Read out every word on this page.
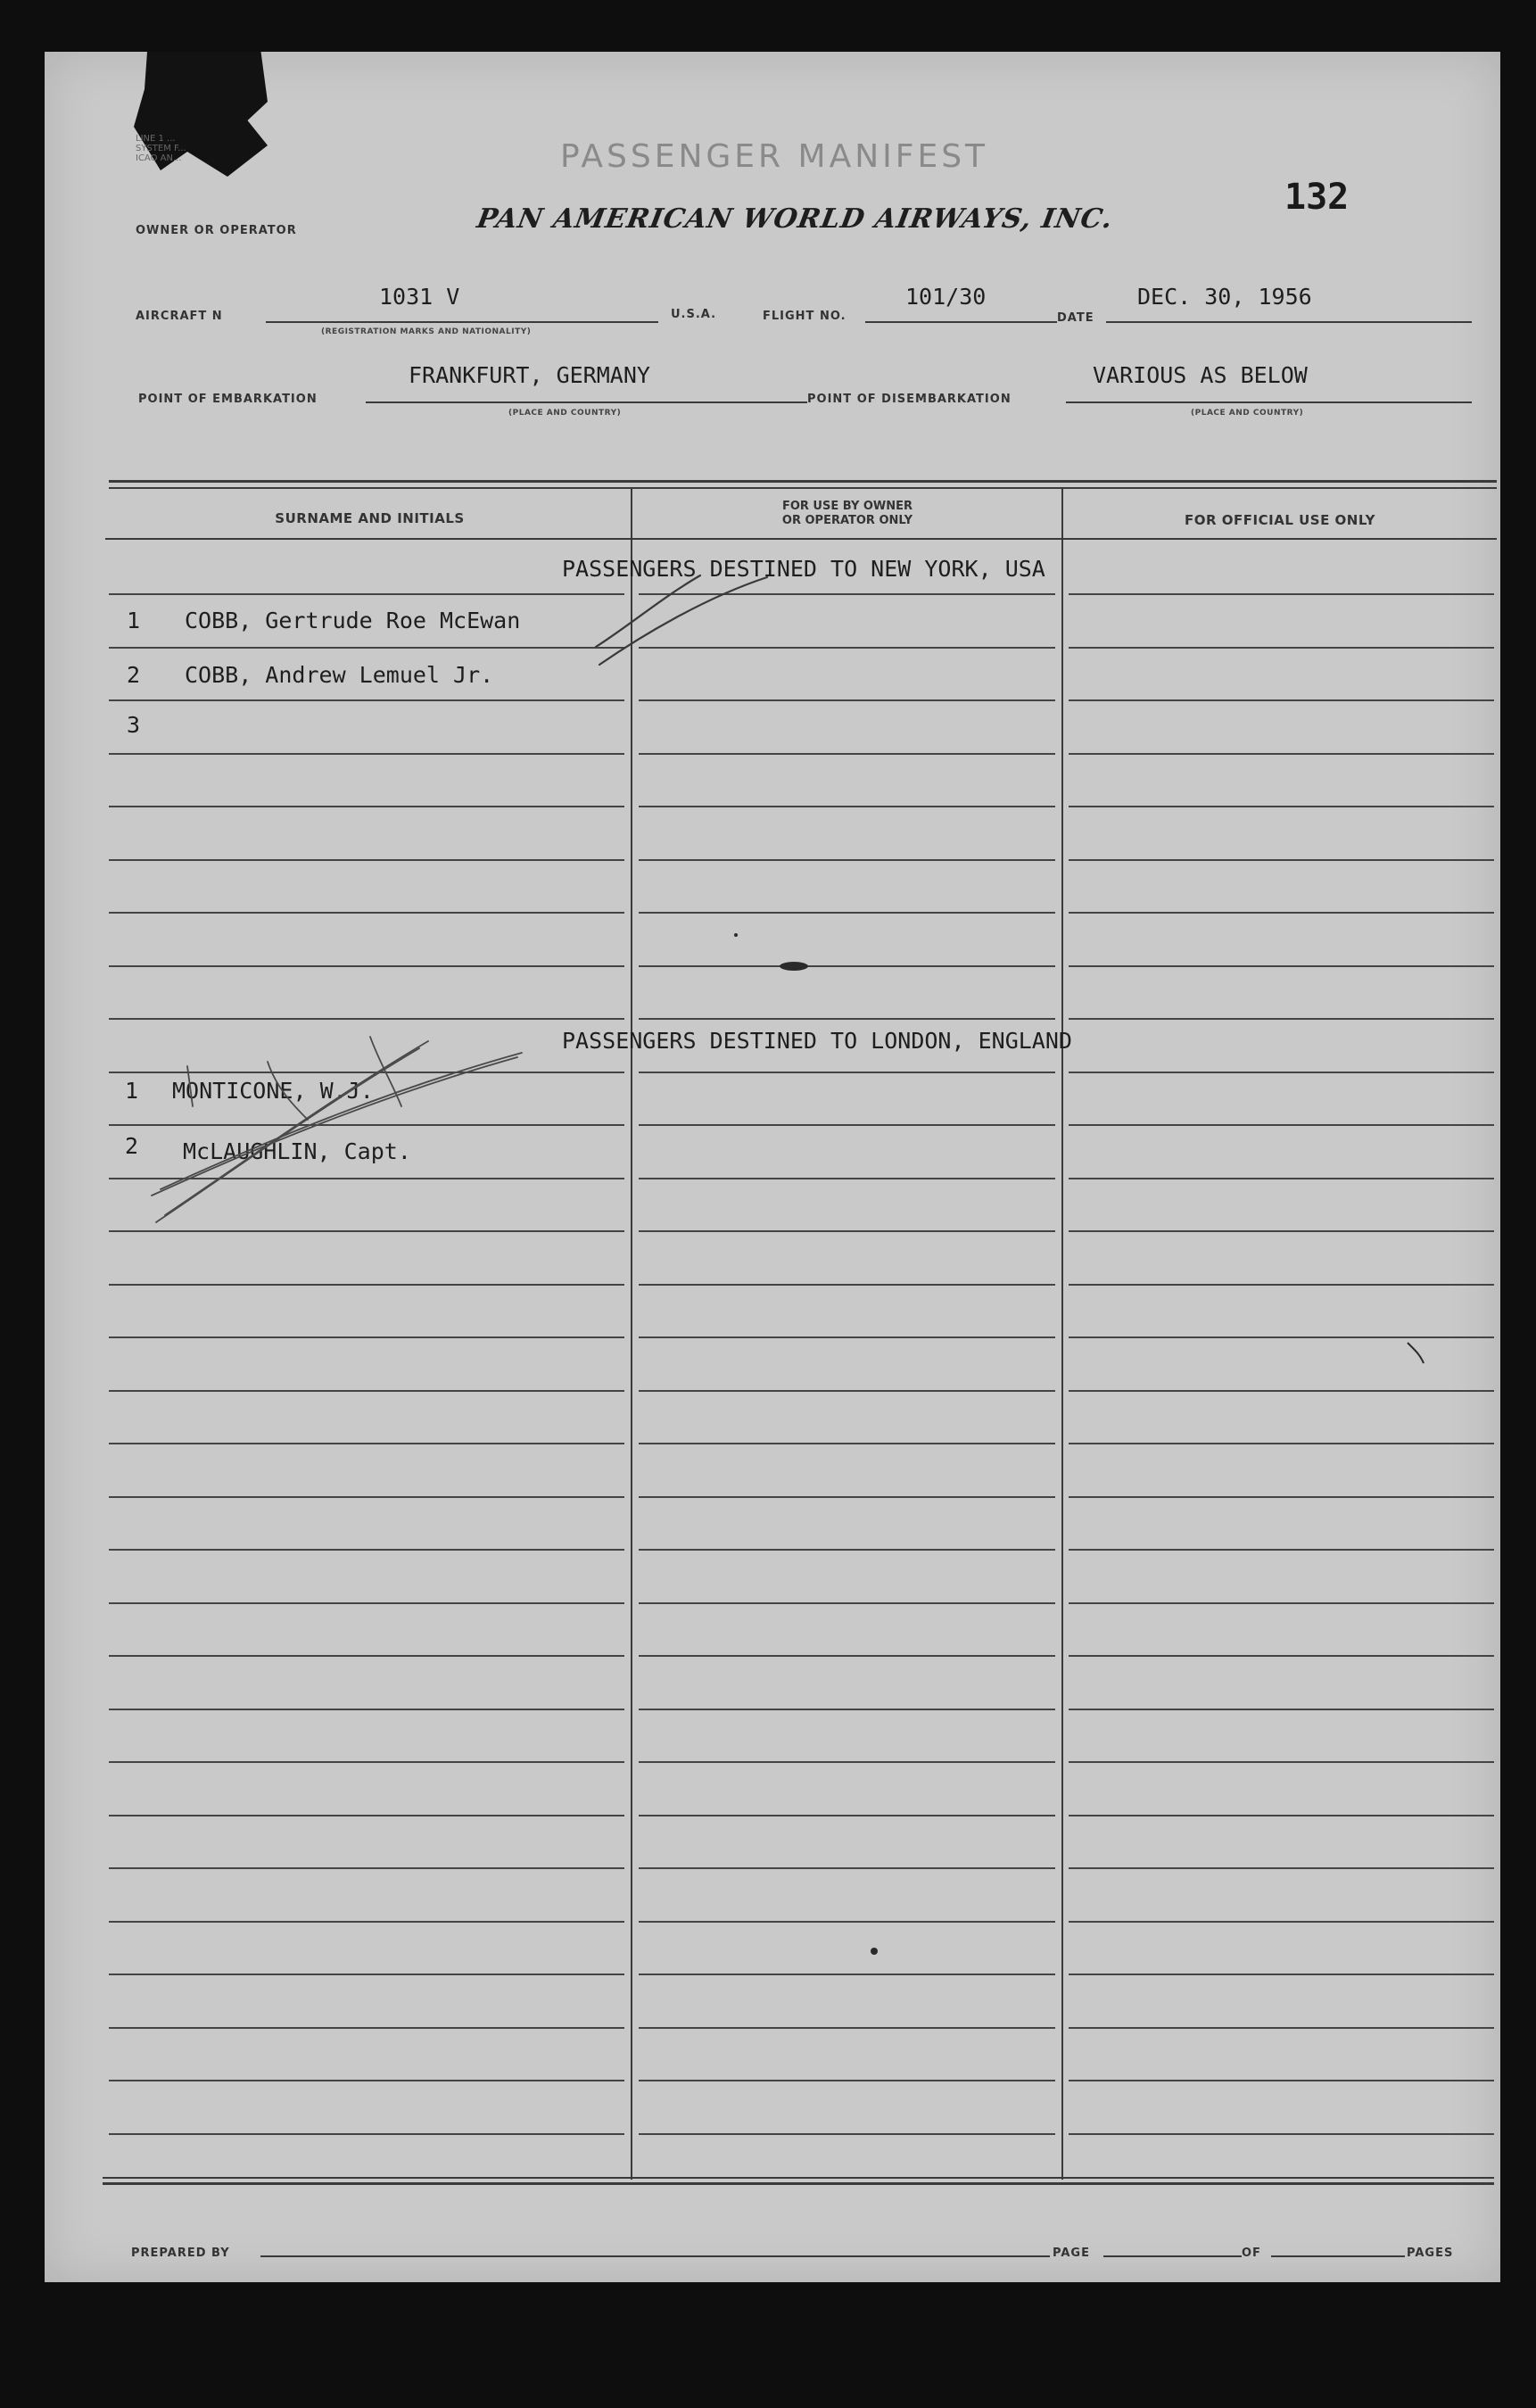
LINE 1 ...
SYSTEM F...
ICAO AN...	PASSENGER MANIFEST
132
OWNER OR OPERATOR	PAN AMERICAN WORLD AIRWAYS, INC.
AIRCRAFT N
1031 V
(REGISTRATION MARKS AND NATIONALITY)
U.S.A.	FLIGHT NO.
101/30
DATE
DEC. 30, 1956
POINT OF EMBARKATION
FRANKFURT, GERMANY
(PLACE AND COUNTRY)
POINT OF DISEMBARKATION
VARIOUS AS BELOW
(PLACE AND COUNTRY)
SURNAME AND INITIALS
FOR USE BY OWNER
OR OPERATOR ONLY	FOR OFFICIAL USE ONLY
PASSENGERS DESTINED TO NEW YORK, USA
1 COBB, Gertrude Roe McEwan
2 COBB, Andrew Lemuel Jr.
3
PASSENGERS DESTINED TO LONDON, ENGLAND
1 MONTICONE, W.J.
2 McLAUGHLIN, Capt.
PREPARED BY	PAGE	OF	PAGES
